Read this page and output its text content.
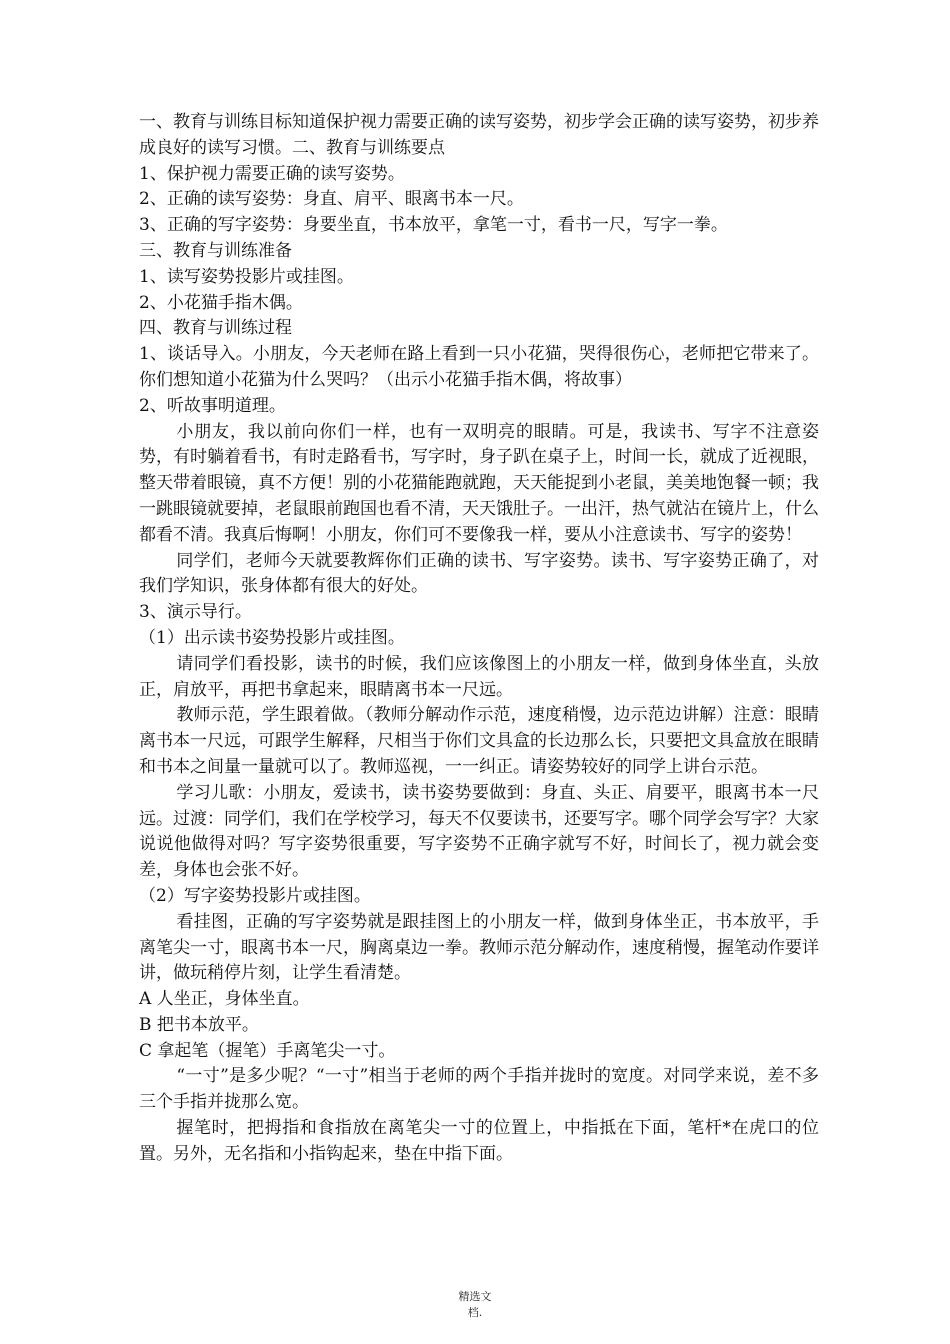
一、教育与训练目标知道保护视力需要正确的读写姿势，初步学会正确的读写姿势，初步养成良好的读写习惯。二、教育与训练要点

1、保护视力需要正确的读写姿势。

2、正确的读写姿势：身直、肩平、眼离书本一尺。

3、正确的写字姿势：身要坐直，书本放平，拿笔一寸，看书一尺，写字一拳。

三、教育与训练准备

1、读写姿势投影片或挂图。

2、小花猫手指木偶。

四、教育与训练过程

1、谈话导入。小朋友，今天老师在路上看到一只小花猫，哭得很伤心，老师把它带来了。你们想知道小花猫为什么哭吗？（出示小花猫手指木偶，将故事）

2、听故事明道理。

小朋友，我以前向你们一样，也有一双明亮的眼睛。可是，我读书、写字不注意姿势，有时躺着看书，有时走路看书，写字时，身子趴在桌子上，时间一长，就成了近视眼，整天带着眼镜，真不方便！别的小花猫能跑就跑，天天能捉到小老鼠，美美地饱餐一顿；我一跳眼镜就要掉，老鼠眼前跑国也看不清，天天饿肚子。一出汗，热气就沾在镜片上，什么都看不清。我真后悔啊！小朋友，你们可不要像我一样，要从小注意读书、写字的姿势！

同学们，老师今天就要教辉你们正确的读书、写字姿势。读书、写字姿势正确了，对我们学知识，张身体都有很大的好处。

3、演示导行。

（1）出示读书姿势投影片或挂图。

请同学们看投影，读书的时候，我们应该像图上的小朋友一样，做到身体坐直，头放正，肩放平，再把书拿起来，眼睛离书本一尺远。

教师示范，学生跟着做。（教师分解动作示范，速度稍慢，边示范边讲解）注意：眼睛离书本一尺远，可跟学生解释，尺相当于你们文具盒的长边那么长，只要把文具盒放在眼睛和书本之间量一量就可以了。教师巡视，一一纠正。请姿势较好的同学上讲台示范。

学习儿歌：小朋友，爱读书，读书姿势要做到：身直、头正、肩要平，眼离书本一尺远。过渡：同学们，我们在学校学习，每天不仅要读书，还要写字。哪个同学会写字？大家说说他做得对吗？写字姿势很重要，写字姿势不正确字就写不好，时间长了，视力就会变差，身体也会张不好。

（2）写字姿势投影片或挂图。

看挂图，正确的写字姿势就是跟挂图上的小朋友一样，做到身体坐正，书本放平，手离笔尖一寸，眼离书本一尺，胸离桌边一拳。教师示范分解动作，速度稍慢，握笔动作要详讲，做玩稍停片刻，让学生看清楚。

A 人坐正，身体坐直。

B 把书本放平。

C 拿起笔（握笔）手离笔尖一寸。

“一寸”是多少呢？“一寸”相当于老师的两个手指并拢时的宽度。对同学来说，差不多三个手指并拢那么宽。

握笔时，把拇指和食指放在离笔尖一寸的位置上，中指抵在下面，笔杆*在虎口的位置。另外，无名指和小指钩起来，垫在中指下面。

精选文
档.
